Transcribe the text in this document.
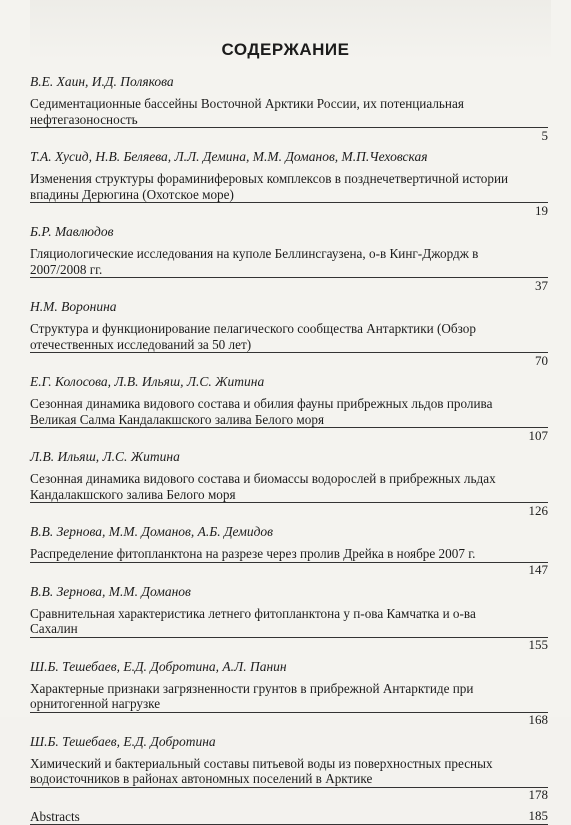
СОДЕРЖАНИЕ
В.Е. Хаин, И.Д. Полякова
Седиментационные бассейны Восточной Арктики России, их потенциальная нефтегазоносность
5
Т.А. Хусид, Н.В. Беляева, Л.Л. Демина, М.М. Доманов, М.П.Чеховская
Изменения структуры фораминиферовых комплексов в позднечетвертичной истории впадины Дерюгина (Охотское море)
19
Б.Р. Мавлюдов
Гляциологические исследования на куполе Беллинсгаузена, о-в Кинг-Джордж в 2007/2008 гг.
37
Н.М. Воронина
Структура и функционирование пелагического сообщества Антарктики (Обзор отечественных исследований за 50 лет)
70
Е.Г. Колосова, Л.В. Ильяш, Л.С. Житина
Сезонная динамика видового состава и обилия фауны прибрежных льдов пролива Великая Салма Кандалакшского залива Белого моря
107
Л.В. Ильяш, Л.С. Житина
Сезонная динамика видового состава и биомассы водорослей в прибрежных льдах Кандалакшского залива Белого моря
126
В.В. Зернова, М.М. Доманов, А.Б. Демидов
Распределение фитопланктона на разрезе через пролив Дрейка в ноябре 2007 г.
147
В.В. Зернова, М.М. Доманов
Сравнительная характеристика летнего фитопланктона у п-ова Камчатка и о-ва Сахалин
155
Ш.Б. Тешебаев, Е.Д. Добротина, А.Л. Панин
Характерные признаки загрязненности грунтов в прибрежной Антарктиде при орнитогенной нагрузке
168
Ш.Б. Тешебаев, Е.Д. Добротина
Химический и бактериальный составы питьевой воды из поверхностных пресных водоисточников в районах автономных поселений в Арктике
178
Abstracts	185
